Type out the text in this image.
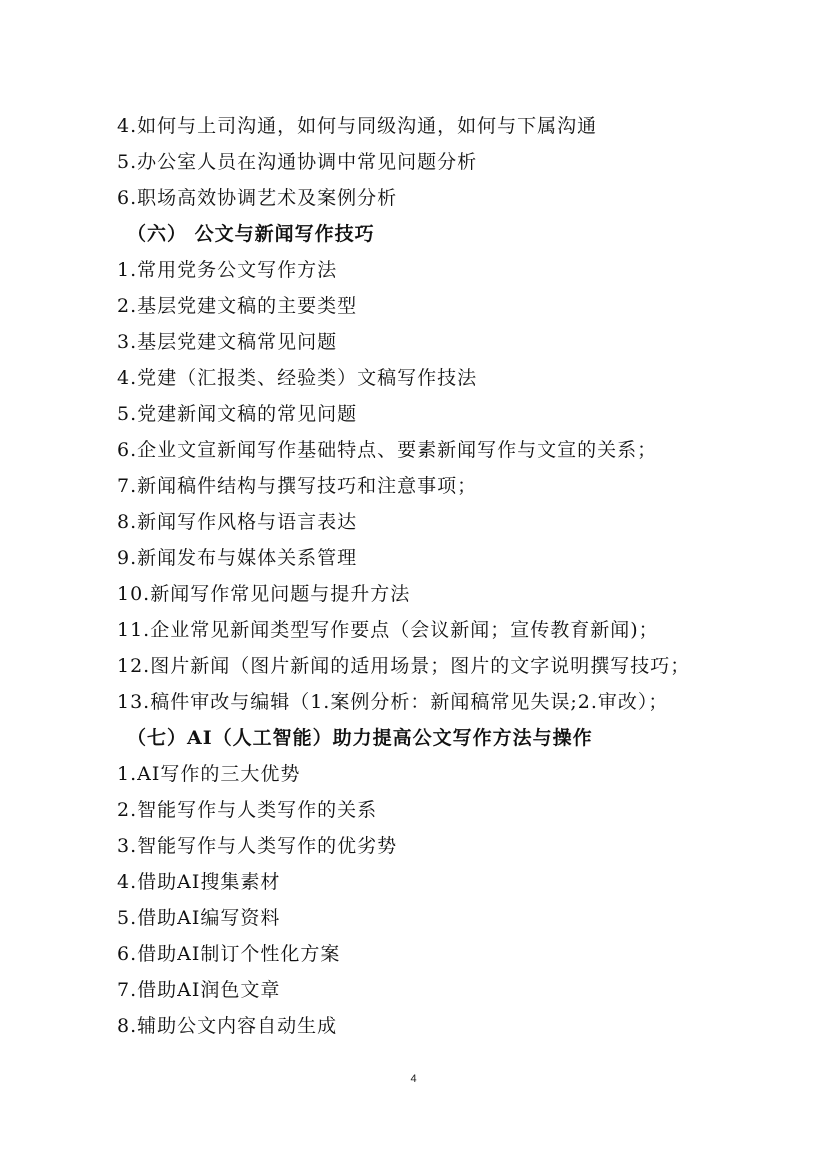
4.如何与上司沟通，如何与同级沟通，如何与下属沟通
5.办公室人员在沟通协调中常见问题分析
6.职场高效协调艺术及案例分析
（六） 公文与新闻写作技巧
1.常用党务公文写作方法
2.基层党建文稿的主要类型
3.基层党建文稿常见问题
4.党建（汇报类、经验类）文稿写作技法
5.党建新闻文稿的常见问题
6.企业文宣新闻写作基础特点、要素新闻写作与文宣的关系；
7.新闻稿件结构与撰写技巧和注意事项；
8.新闻写作风格与语言表达
9.新闻发布与媒体关系管理
10.新闻写作常见问题与提升方法
11.企业常见新闻类型写作要点（会议新闻；宣传教育新闻)；
12.图片新闻（图片新闻的适用场景；图片的文字说明撰写技巧；
13.稿件审改与编辑（1.案例分析：新闻稿常见失误;2.审改）；
（七）AI（人工智能）助力提高公文写作方法与操作
1.AI写作的三大优势
2.智能写作与人类写作的关系
3.智能写作与人类写作的优劣势
4.借助AI搜集素材
5.借助AI编写资料
6.借助AI制订个性化方案
7.借助AI润色文章
8.辅助公文内容自动生成
4
